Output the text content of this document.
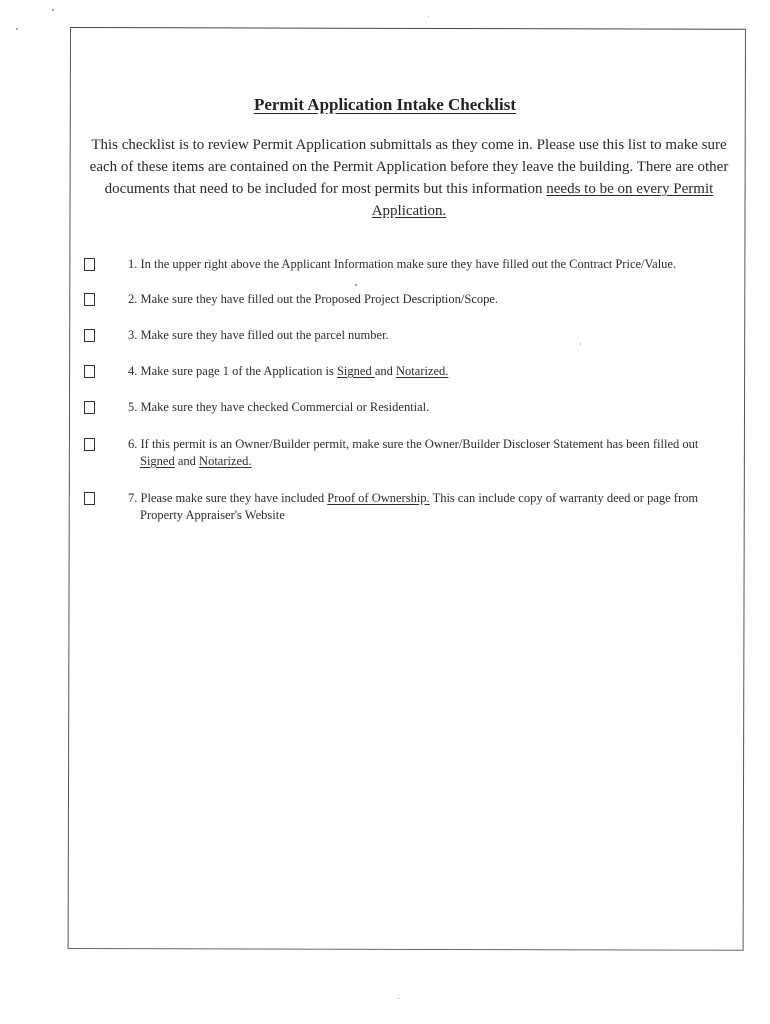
Permit Application Intake Checklist

This checklist is to review Permit Application submittals as they come in. Please use this list to make sure each of these items are contained on the Permit Application before they leave the building. There are other documents that need to be included for most permits but this information needs to be on every Permit Application.

1. In the upper right above the Applicant Information make sure they have filled out the Contract Price/Value.

2. Make sure they have filled out the Proposed Project Description/Scope.

3. Make sure they have filled out the parcel number.

4. Make sure page 1 of the Application is Signed and Notarized.

5. Make sure they have checked Commercial or Residential.

6. If this permit is an Owner/Builder permit, make sure the Owner/Builder Discloser Statement has been filled out
Signed and Notarized.

7. Please make sure they have included Proof of Ownership. This can include copy of warranty deed or page from
Property Appraiser's Website
